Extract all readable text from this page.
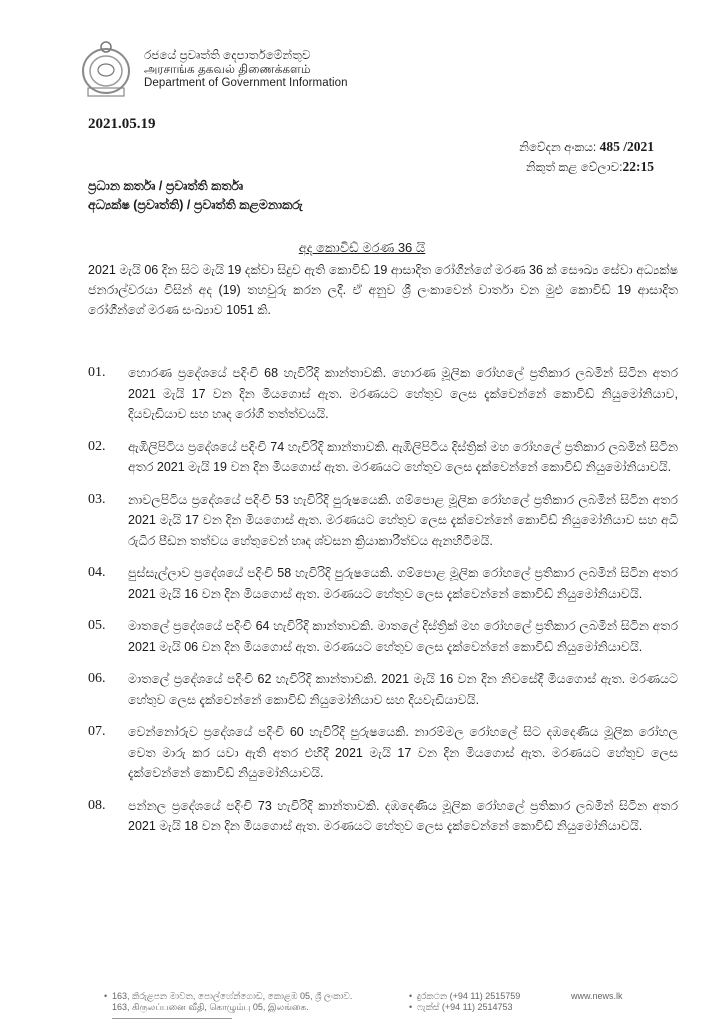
රජයේ ප්‍රවෘත්ති දෙපාර්තමේන්තුව
அரசாங்க தகவல் திணைக்களம்
Department of Government Information
2021.05.19
නිවේදන අංකය: 485 /2021
නිකුත් කළ වේලාව:22:15
ප්‍රධාන කර්තෘ / ප්‍රවෘත්ති කර්තෘ
අධ්‍යක්ෂ (ප්‍රවෘත්ති) / ප්‍රවෘත්ති කළමනාකරු
අද කොවිඩ් මරණ 36 යි
2021 මැයි 06 දින සිට මැයි 19 දක්වා සිදුව ඇති කොවිඩ් 19 ආසාදිත රෝගීන්ගේ මරණ 36 ක් සෞඛ්‍ය සේවා අධ්‍යක්ෂ ජනරාල්වරයා විසින් අද (19) තහවුරු කරන ලදී. ඒ අනුව ශ්‍රී ලංකාවෙන් වාර්තා වන මුළු කොවිඩ් 19 ආසාදිත රෝගීන්ගේ මරණ සංඛ්‍යාව 1051 කි.
01.	හොරණ ප්‍රදේශයේ පදිංචි 68 හැවිරිදි කාන්තාවකි. හොරණ මූලික රෝහලේ ප්‍රතිකාර ලබමින් සිටින අතර 2021 මැයි 17 වන දින මියගොස් ඇත. මරණයට හේතුව ලෙස දැක්වෙන්නේ කොවිඩ් නියුමෝනියාව, දියවැඩියාව සහ හෘද රෝගී තත්ත්වයයි.
02.	ඇඹිලිපිටිය ප්‍රදේශයේ පදිංචි 74 හැවිරිදි කාන්තාවකි. ඇඹිලිපිටිය දිස්ත්‍රික් මහ රෝහලේ ප්‍රතිකාර ලබමින් සිටින අතර 2021 මැයි 19 වන දින මියගොස් ඇත. මරණයට හේතුව ලෙස දැක්වෙන්නේ කොවිඩ් නියුමෝනියාවයි.
03.	නාවලපිටිය ප්‍රදේශයේ පදිංචි 53 හැවිරිදි පුරුෂයෙකි. ගම්පොළ මූලික රෝහලේ ප්‍රතිකාර ලබමින් සිටින අතර 2021 මැයි 17 වන දින මියගොස් ඇත. මරණයට හේතුව ලෙස දැක්වෙන්නේ කොවිඩ් නියුමෝනියාව සහ අධි රුධිර පීඩන තත්වය හේතුවෙන් හෘද ශ්වසන ක්‍රියාකාරීත්වය ඇනහිටීමයි.
04.	පුස්සැල්ලාව ප්‍රදේශයේ පදිංචි 58 හැවිරිදි පුරුෂයෙකි. ගම්පොළ මූලික රෝහලේ ප්‍රතිකාර ලබමින් සිටින අතර 2021 මැයි 16 වන දින මියගොස් ඇත. මරණයට හේතුව ලෙස දැක්වෙන්නේ කොවිඩ් නියුමෝනියාවයි.
05.	මාතලේ ප්‍රදේශයේ පදිංචි 64 හැවිරිදි කාන්තාවකි. මාතලේ දිස්ත්‍රික් මහ රෝහලේ ප්‍රතිකාර ලබමින් සිටින අතර 2021 මැයි 06 වන දින මියගොස් ඇත. මරණයට හේතුව ලෙස දැක්වෙන්නේ කොවිඩ් නියුමෝනියාවයි.
06.	මාතලේ ප්‍රදේශයේ පදිංචි 62 හැවිරිදි කාන්තාවකි. 2021 මැයි 16 වන දින නිවසේදී මියගොස් ඇත. මරණයට හේතුව ලෙස දැක්වෙන්නේ කොවිඩ් නියුමෝනියාව සහ දියවැඩියාවයි.
07.	වෙන්නෝරුව ප්‍රදේශයේ පදිංචි 60 හැවිරිදි පුරුෂයෙකි. නාරම්මල රෝහලේ සිට දඹදෙණිය මූලික රෝහල වෙත මාරු කර යවා ඇති අතර එහිදී 2021 මැයි 17 වන දින මියගොස් ඇත. මරණයට හේතුව ලෙස දැක්වෙන්නේ කොවිඩ් නියුමෝනියාවයි.
08.	පන්නල ප්‍රදේශයේ පදිංචි 73 හැවිරිදි කාන්තාවකි. දඹදෙණිය මූලික රෝහලේ ප්‍රතිකාර ලබමින් සිටින අතර 2021 මැයි 18 වන දින මියගොස් ඇත. මරණයට හේතුව ලෙස දැක්වෙන්නේ කොවිඩ් නියුමෝනියාවයි.
• 163, කිරුළපන මාවත, පොල්හේන්ගොඩ, කොළඹ 05, ශ්‍රී ලංකාව.
163, கிருலப்பனை வீதி, கொழும்பு 05, இலங்கை.
• දුරකථන (+94 11) 2515759
• ෆැක්ස් (+94 11) 2514753
www.news.lk
